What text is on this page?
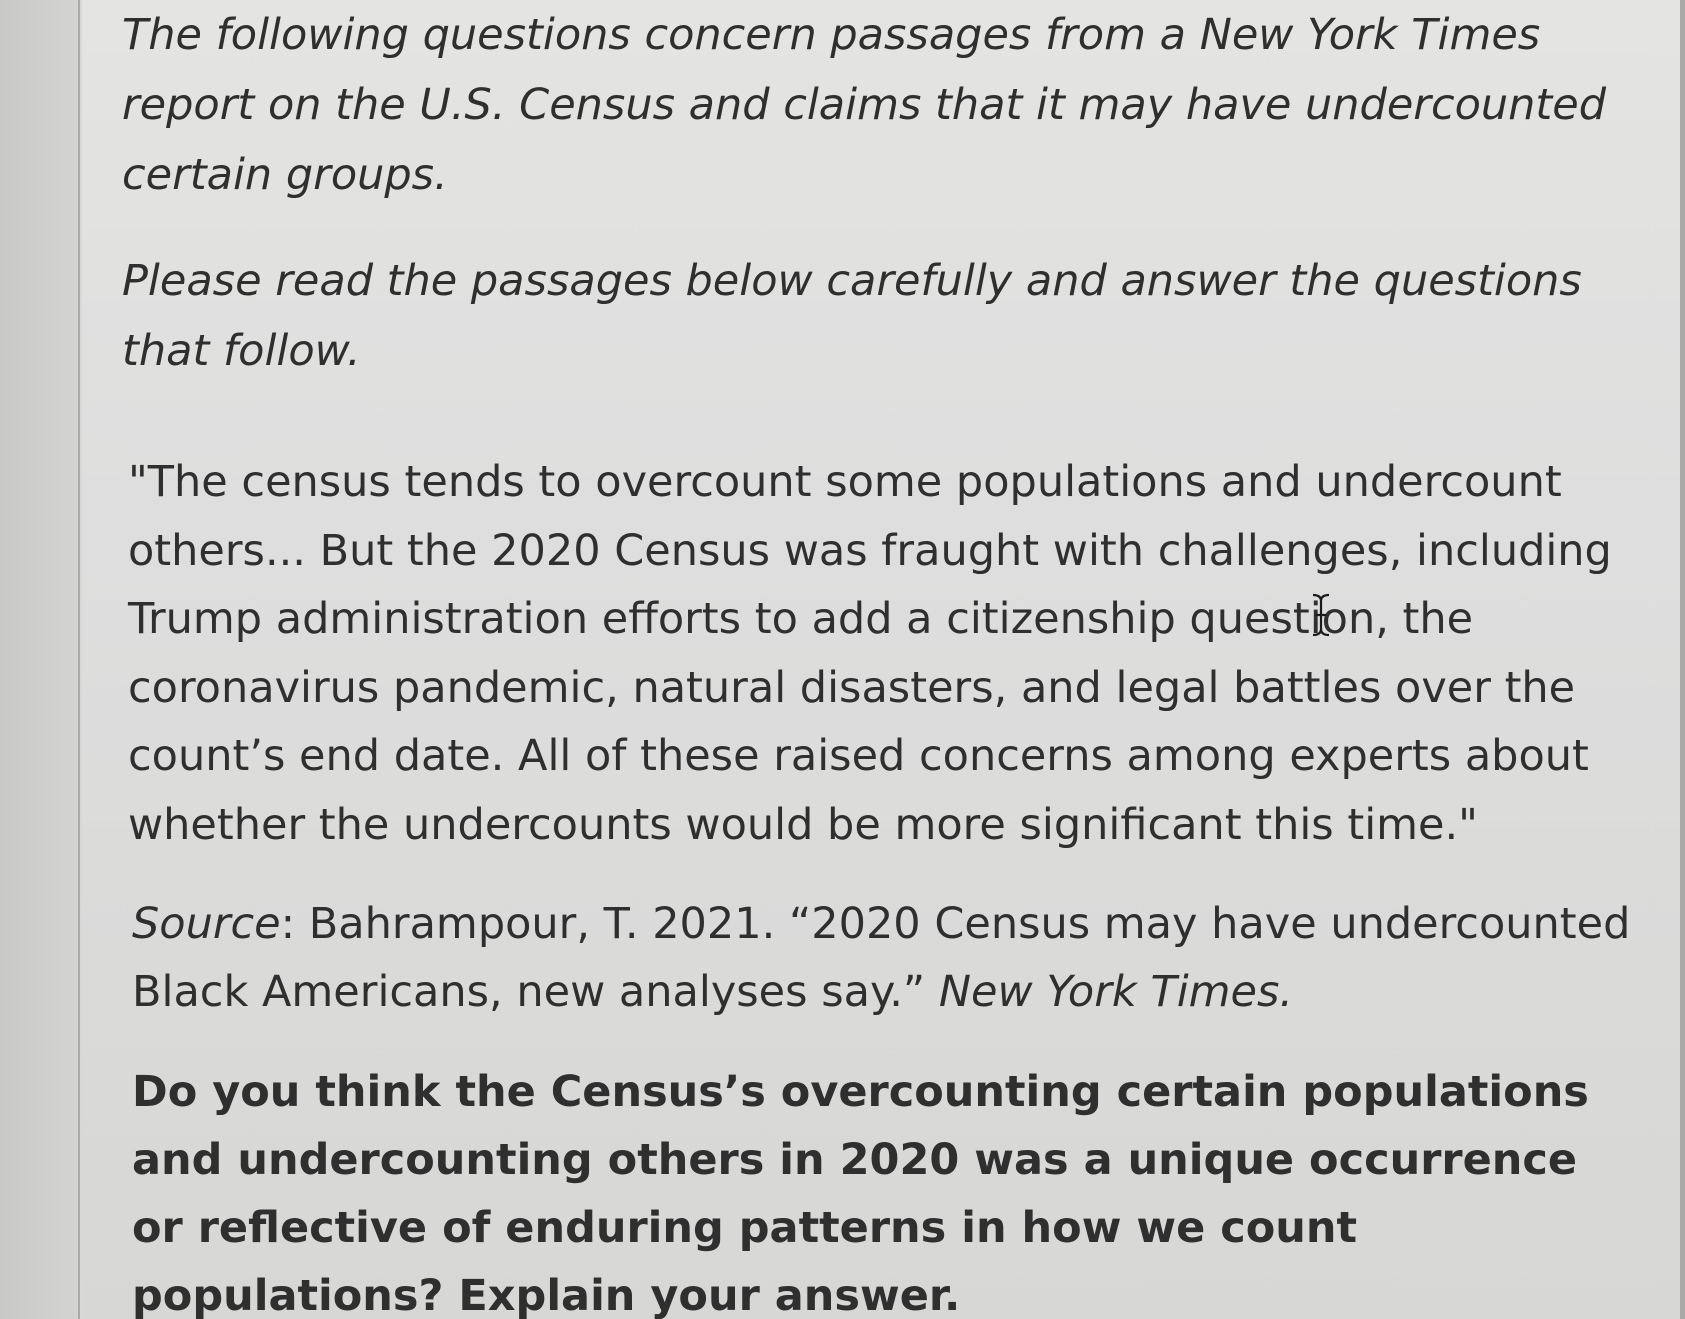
The following questions concern passages from a New York Times report on the U.S. Census and claims that it may have undercounted certain groups.

Please read the passages below carefully and answer the questions that follow.

"The census tends to overcount some populations and undercount others... But the 2020 Census was fraught with challenges, including Trump administration efforts to add a citizenship question, the coronavirus pandemic, natural disasters, and legal battles over the count’s end date. All of these raised concerns among experts about whether the undercounts would be more significant this time."

Source: Bahrampour, T. 2021. “2020 Census may have undercounted Black Americans, new analyses say.” New York Times.

Do you think the Census’s overcounting certain populations and undercounting others in 2020 was a unique occurrence or reflective of enduring patterns in how we count populations? Explain your answer.
